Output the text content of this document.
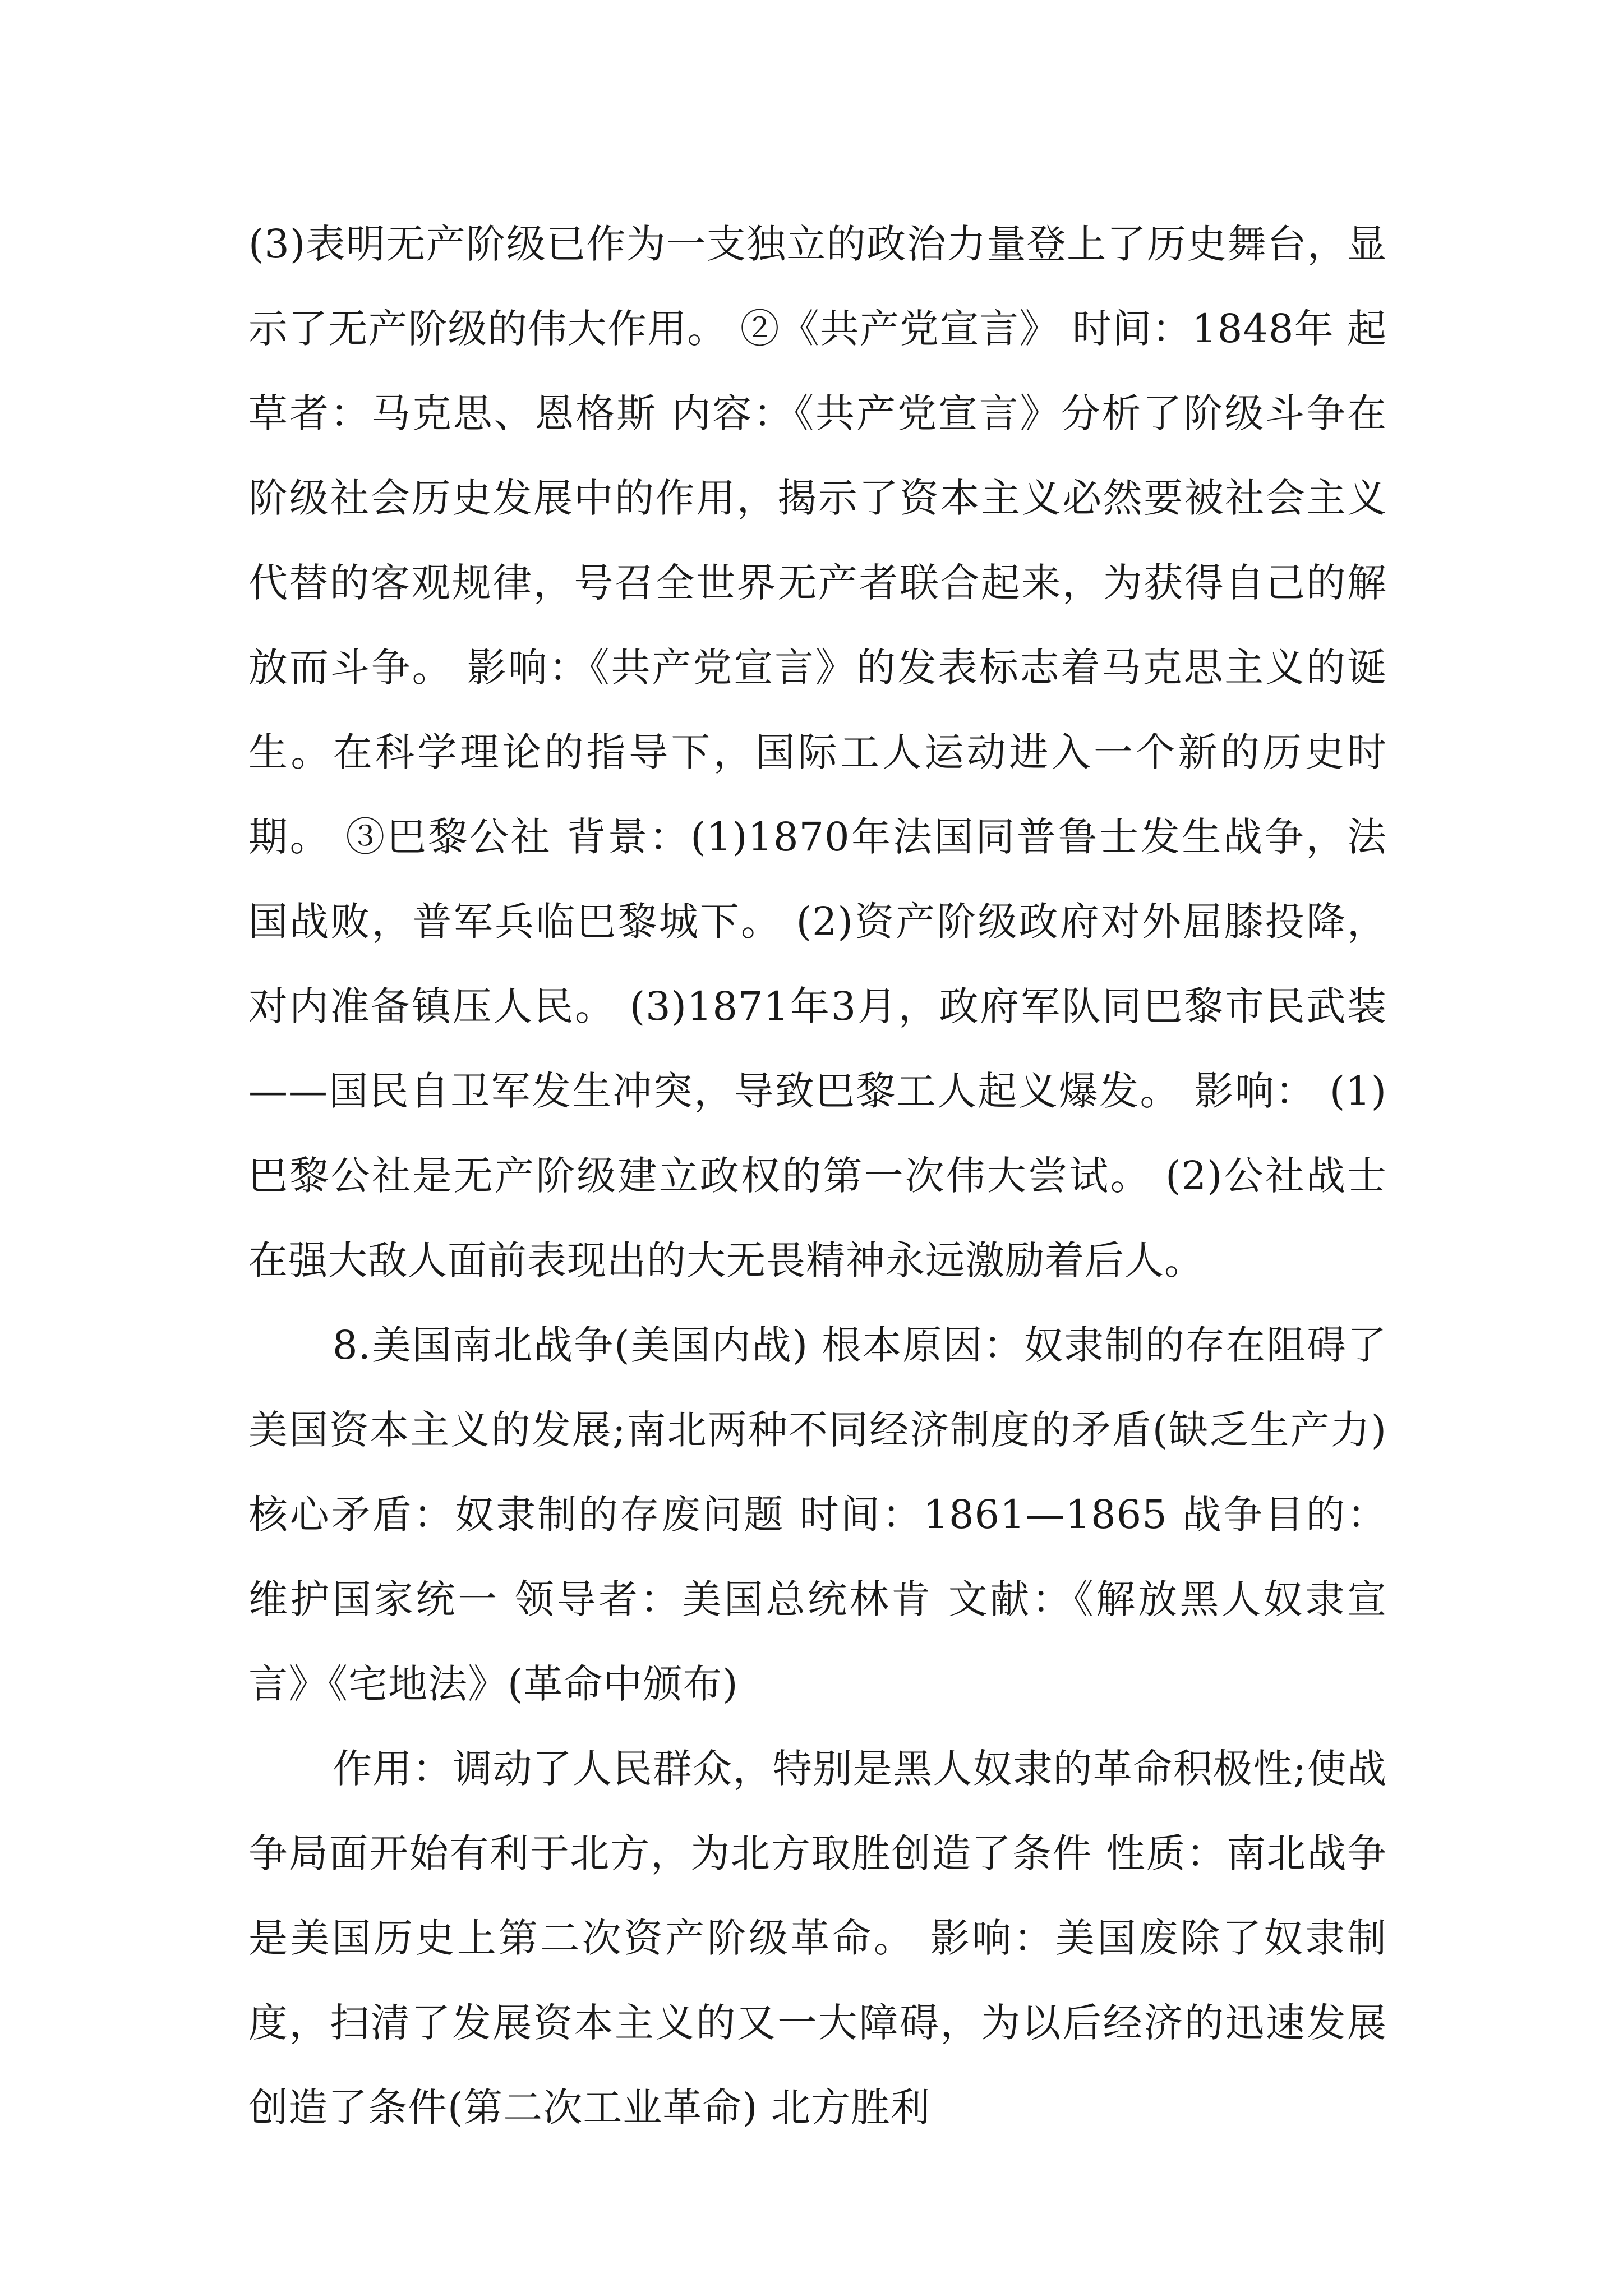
(3)表明无产阶级已作为一支独立的政治力量登上了历史舞台，显示了无产阶级的伟大作用。 ②《共产党宣言》 时间：1848年 起草者：马克思、恩格斯 内容：《共产党宣言》分析了阶级斗争在阶级社会历史发展中的作用，揭示了资本主义必然要被社会主义代替的客观规律，号召全世界无产者联合起来，为获得自己的解放而斗争。 影响：《共产党宣言》的发表标志着马克思主义的诞生。在科学理论的指导下，国际工人运动进入一个新的历史时期。 ③巴黎公社 背景：(1)1870年法国同普鲁士发生战争，法国战败，普军兵临巴黎城下。 (2)资产阶级政府对外屈膝投降，对内准备镇压人民。 (3)1871年3月，政府军队同巴黎市民武装——国民自卫军发生冲突，导致巴黎工人起义爆发。 影响： (1)巴黎公社是无产阶级建立政权的第一次伟大尝试。 (2)公社战士在强大敌人面前表现出的大无畏精神永远激励着后人。

8.美国南北战争(美国内战) 根本原因：奴隶制的存在阻碍了美国资本主义的发展;南北两种不同经济制度的矛盾(缺乏生产力) 核心矛盾：奴隶制的存废问题 时间：1861—1865 战争目的：维护国家统一 领导者：美国总统林肯 文献：《解放黑人奴隶宣言》《宅地法》(革命中颁布)

作用：调动了人民群众，特别是黑人奴隶的革命积极性;使战争局面开始有利于北方，为北方取胜创造了条件 性质：南北战争是美国历史上第二次资产阶级革命。 影响：美国废除了奴隶制度，扫清了发展资本主义的又一大障碍，为以后经济的迅速发展创造了条件(第二次工业革命) 北方胜利
